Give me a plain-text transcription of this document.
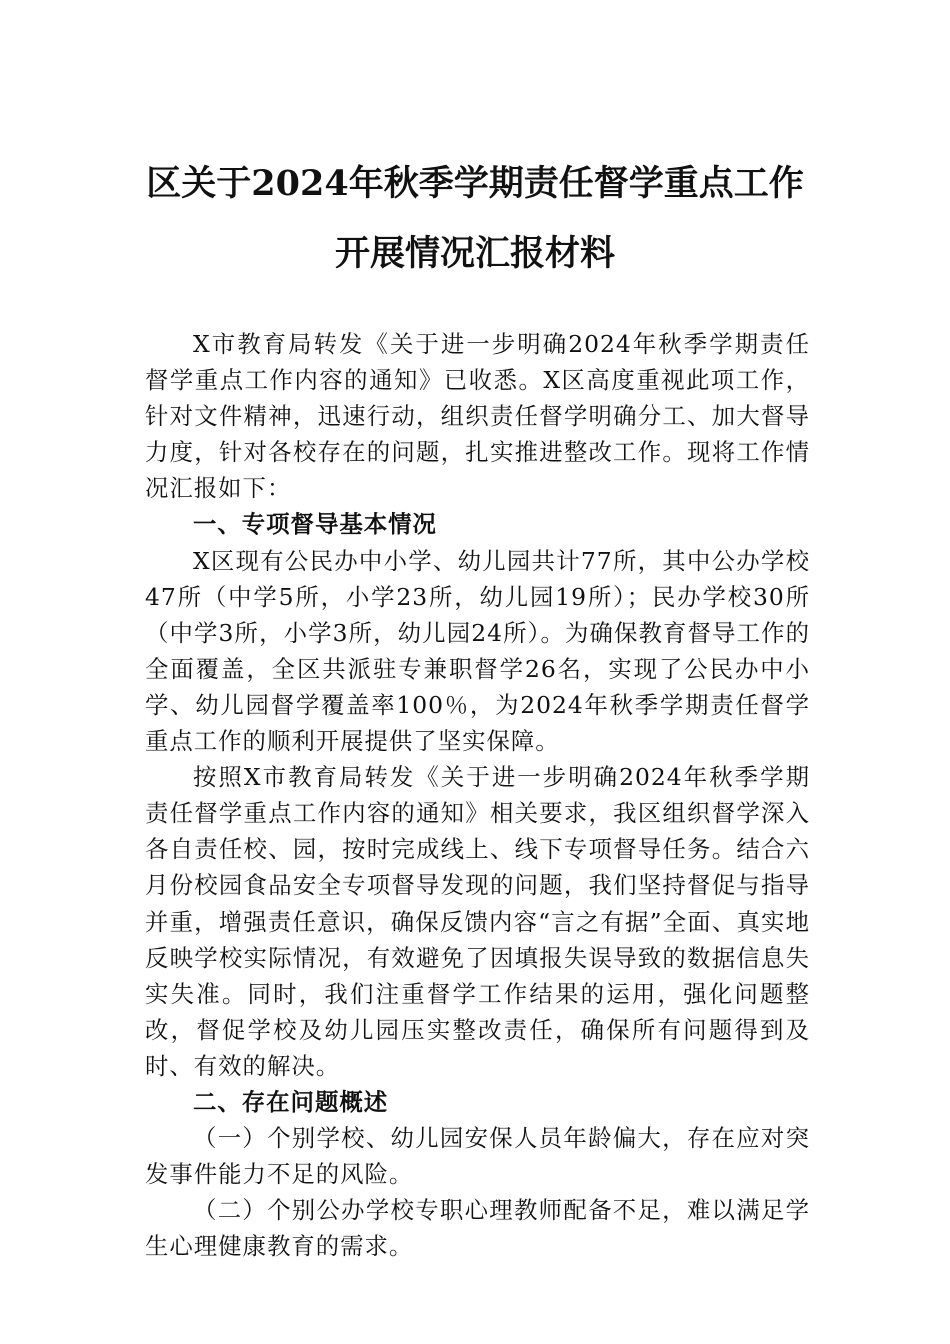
区关于2024年秋季学期责任督学重点工作
开展情况汇报材料

X市教育局转发《关于进一步明确2024年秋季学期责任督学重点工作内容的通知》已收悉。X区高度重视此项工作，针对文件精神，迅速行动，组织责任督学明确分工、加大督导力度，针对各校存在的问题，扎实推进整改工作。现将工作情况汇报如下：

一、专项督导基本情况

X区现有公民办中小学、幼儿园共计77所，其中公办学校47所（中学5所，小学23所，幼儿园19所）；民办学校30所（中学3所，小学3所，幼儿园24所）。为确保教育督导工作的全面覆盖，全区共派驻专兼职督学26名，实现了公民办中小学、幼儿园督学覆盖率100％，为2024年秋季学期责任督学重点工作的顺利开展提供了坚实保障。

按照X市教育局转发《关于进一步明确2024年秋季学期责任督学重点工作内容的通知》相关要求，我区组织督学深入各自责任校、园，按时完成线上、线下专项督导任务。结合六月份校园食品安全专项督导发现的问题，我们坚持督促与指导并重，增强责任意识，确保反馈内容“言之有据”全面、真实地反映学校实际情况，有效避免了因填报失误导致的数据信息失实失准。同时，我们注重督学工作结果的运用，强化问题整改，督促学校及幼儿园压实整改责任，确保所有问题得到及时、有效的解决。

二、存在问题概述

（一）个别学校、幼儿园安保人员年龄偏大，存在应对突发事件能力不足的风险。

（二）个别公办学校专职心理教师配备不足，难以满足学生心理健康教育的需求。
